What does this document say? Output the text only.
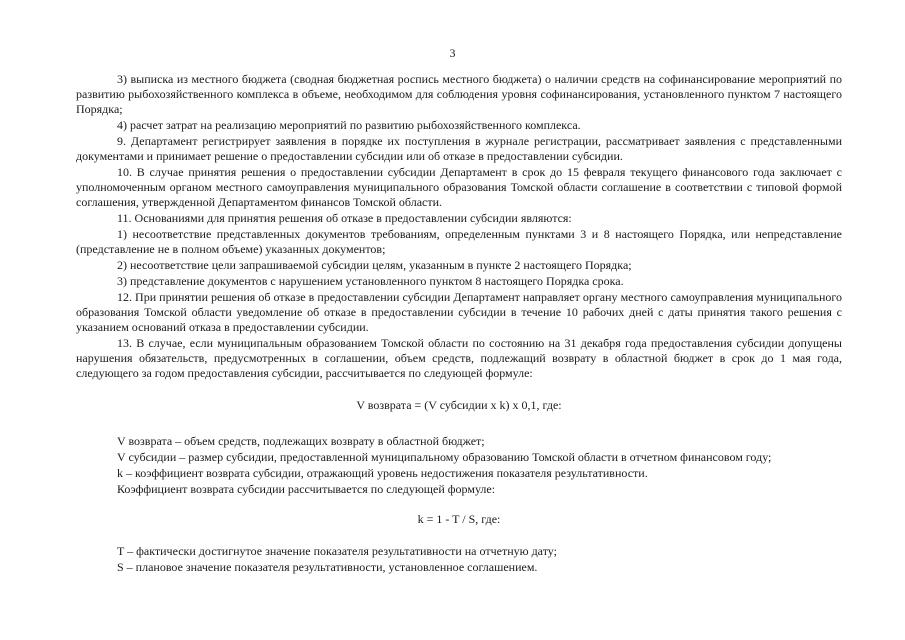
3

3) выписка из местного бюджета (сводная бюджетная роспись местного бюджета) о наличии средств на софинансирование мероприятий по развитию рыбохозяйственного комплекса в объеме, необходимом для соблюдения уровня софинансирования, установленного пунктом 7 настоящего Порядка;

4) расчет затрат на реализацию мероприятий по развитию рыбохозяйственного комплекса.

9. Департамент регистрирует заявления в порядке их поступления в журнале регистрации, рассматривает заявления с представленными документами и принимает решение о предоставлении субсидии или об отказе в предоставлении субсидии.

10. В случае принятия решения о предоставлении субсидии Департамент в срок до 15 февраля текущего финансового года заключает с уполномоченным органом местного самоуправления муниципального образования Томской области соглашение в соответствии с типовой формой соглашения, утвержденной Департаментом финансов Томской области.

11. Основаниями для принятия решения об отказе в предоставлении субсидии являются:

1) несоответствие представленных документов требованиям, определенным пунктами 3 и 8 настоящего Порядка, или непредставление (представление не в полном объеме) указанных документов;

2) несоответствие цели запрашиваемой субсидии целям, указанным в пункте 2 настоящего Порядка;

3) представление документов с нарушением установленного пунктом 8 настоящего Порядка срока.

12. При принятии решения об отказе в предоставлении субсидии Департамент направляет органу местного самоуправления муниципального образования Томской области уведомление об отказе в предоставлении субсидии в течение 10 рабочих дней с даты принятия такого решения с указанием оснований отказа в предоставлении субсидии.

13. В случае, если муниципальным образованием Томской области по состоянию на 31 декабря года предоставления субсидии допущены нарушения обязательств, предусмотренных в соглашении, объем средств, подлежащий возврату в областной бюджет в срок до 1 мая года, следующего за годом предоставления субсидии, рассчитывается по следующей формуле:

V возврата = (V субсидии x k) x 0,1, где:

V возврата – объем средств, подлежащих возврату в областной бюджет;

V субсидии – размер субсидии, предоставленной муниципальному образованию Томской области в отчетном финансовом году;

k – коэффициент возврата субсидии, отражающий уровень недостижения показателя результативности.

Коэффициент возврата субсидии рассчитывается по следующей формуле:

k = 1 - T / S, где:

T – фактически достигнутое значение показателя результативности на отчетную дату;

S – плановое значение показателя результативности, установленное соглашением.
